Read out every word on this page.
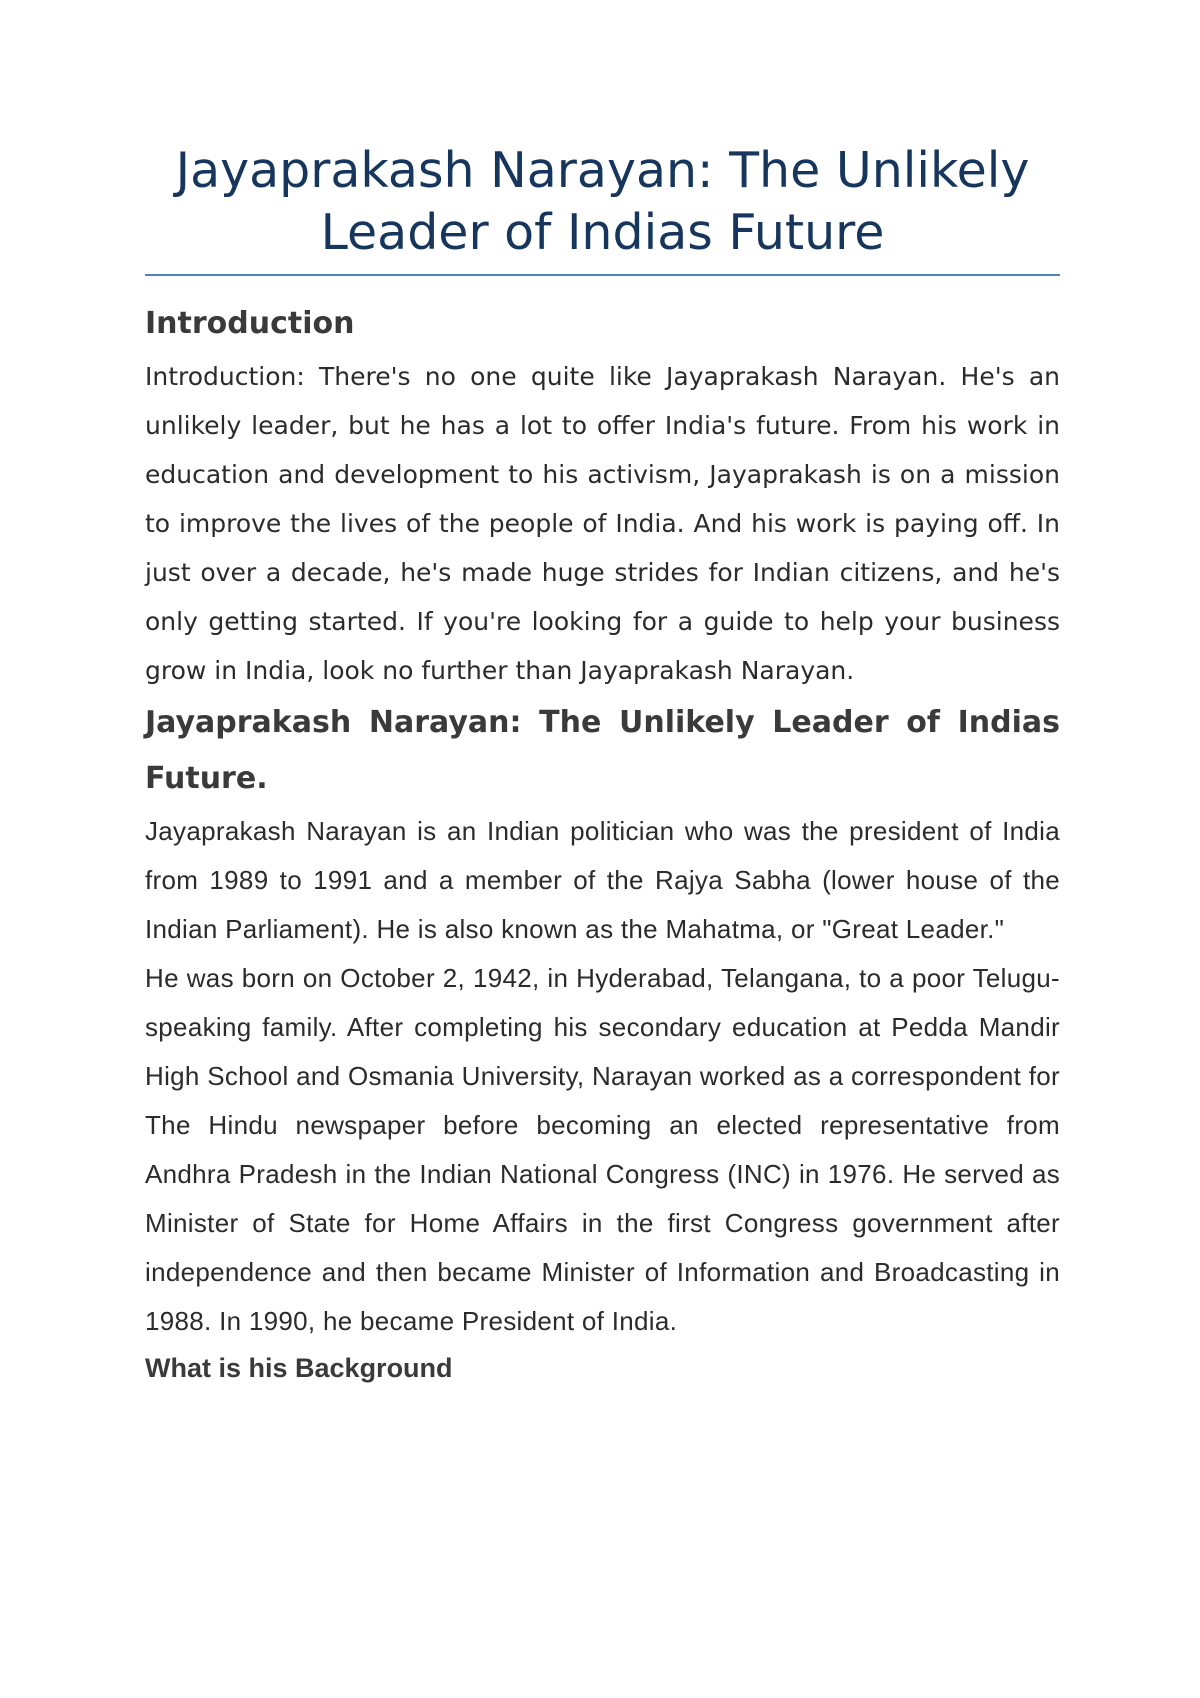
Jayaprakash Narayan: The Unlikely Leader of Indias Future
Introduction

Introduction: There's no one quite like Jayaprakash Narayan. He's an unlikely leader, but he has a lot to offer India's future. From his work in education and development to his activism, Jayaprakash is on a mission to improve the lives of the people of India. And his work is paying off. In just over a decade, he's made huge strides for Indian citizens, and he's only getting started. If you're looking for a guide to help your business grow in India, look no further than Jayaprakash Narayan.

Jayaprakash Narayan: The Unlikely Leader of Indias Future.

Jayaprakash Narayan is an Indian politician who was the president of India from 1989 to 1991 and a member of the Rajya Sabha (lower house of the Indian Parliament). He is also known as the Mahatma, or "Great Leader."

He was born on October 2, 1942, in Hyderabad, Telangana, to a poor Telugu-speaking family. After completing his secondary education at Pedda Mandir High School and Osmania University, Narayan worked as a correspondent for The Hindu newspaper before becoming an elected representative from Andhra Pradesh in the Indian National Congress (INC) in 1976. He served as Minister of State for Home Affairs in the first Congress government after independence and then became Minister of Information and Broadcasting in 1988. In 1990, he became President of India.

What is his Background
